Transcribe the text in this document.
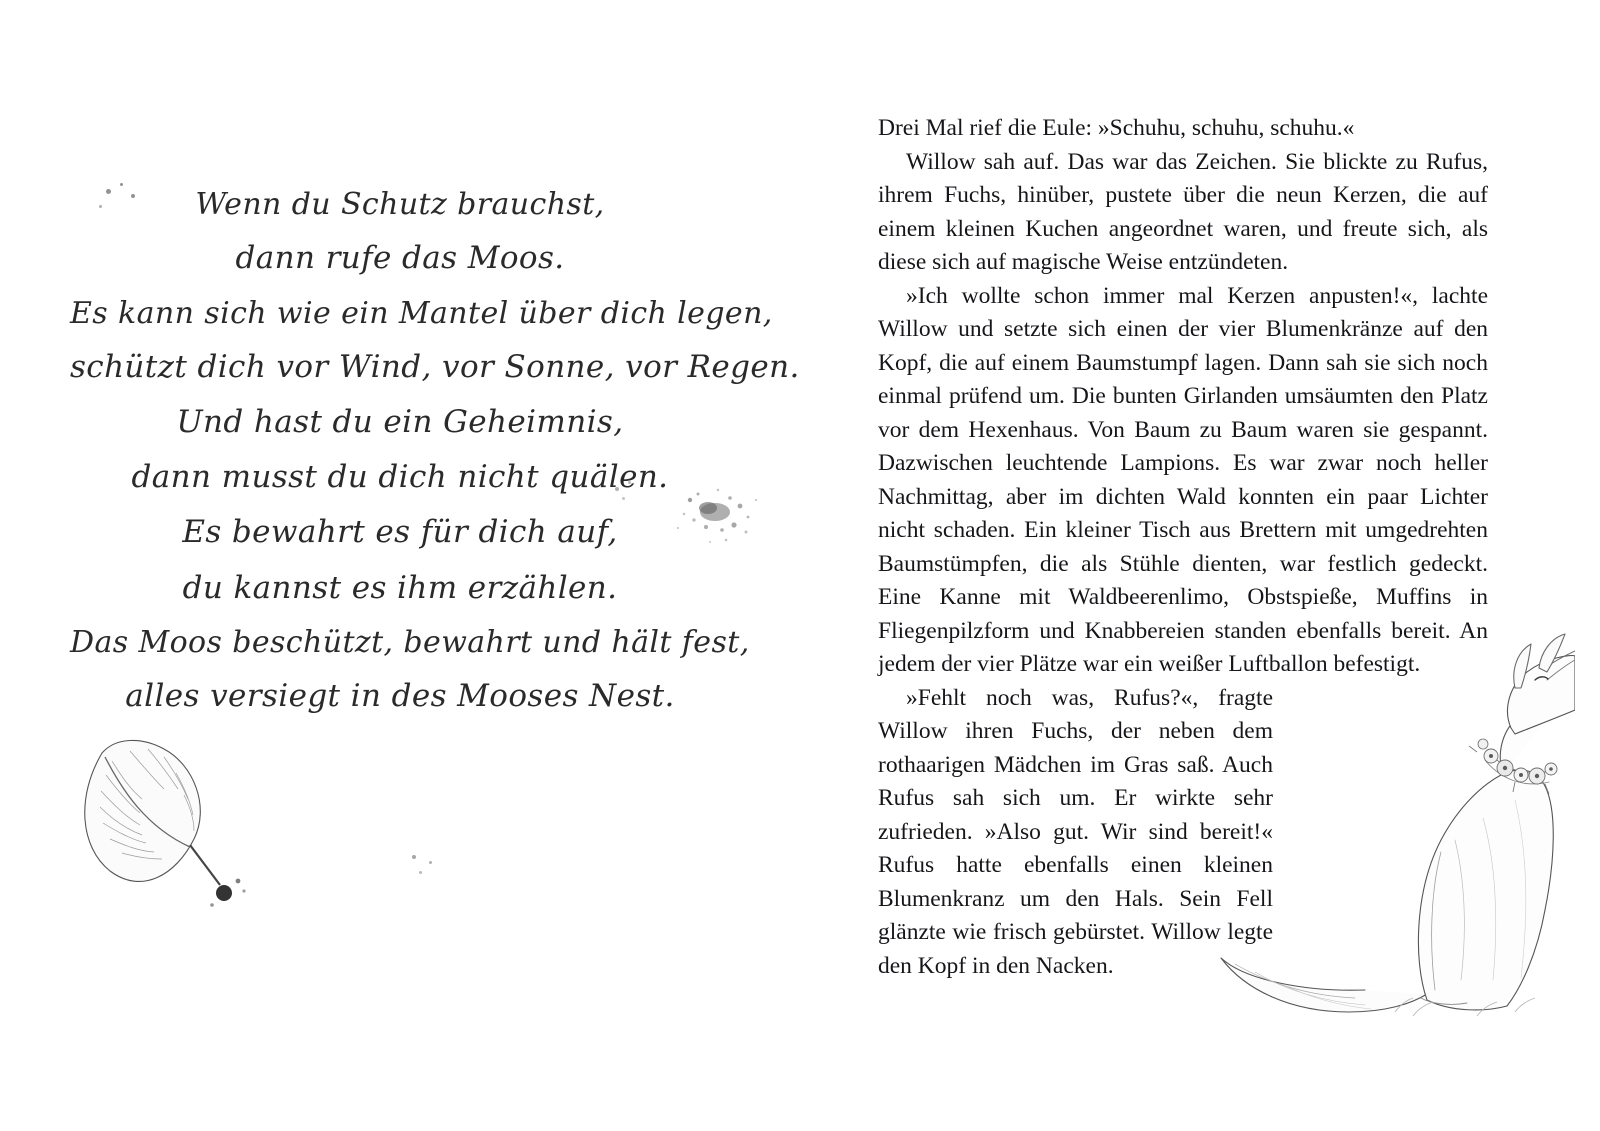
Wenn du Schutz brauchst,
dann rufe das Moos.
Es kann sich wie ein Mantel über dich legen,
schützt dich vor Wind, vor Sonne, vor Regen.
Und hast du ein Geheimnis,
dann musst du dich nicht quälen.
Es bewahrt es für dich auf,
du kannst es ihm erzählen.
Das Moos beschützt, bewahrt und hält fest,
alles versiegt in des Mooses Nest.

Drei Mal rief die Eule: »Schuhu, schuhu, schuhu.«

Willow sah auf. Das war das Zeichen. Sie blickte zu Rufus, ihrem Fuchs, hinüber, pustete über die neun Kerzen, die auf einem kleinen Kuchen angeordnet waren, und freute sich, als diese sich auf magische Weise entzündeten.

»Ich wollte schon immer mal Kerzen anpusten!«, lachte Willow und setzte sich einen der vier Blumenkränze auf den Kopf, die auf einem Baumstumpf lagen. Dann sah sie sich noch einmal prüfend um. Die bunten Girlanden umsäumten den Platz vor dem Hexenhaus. Von Baum zu Baum waren sie gespannt. Dazwischen leuchtende Lampions. Es war zwar noch heller Nachmittag, aber im dichten Wald konnten ein paar Lichter nicht schaden. Ein kleiner Tisch aus Brettern mit umgedrehten Baumstümpfen, die als Stühle dienten, war festlich gedeckt. Eine Kanne mit Waldbeerenlimo, Obstspieße, Muffins in Fliegenpilzform und Knabbereien standen ebenfalls bereit. An jedem der vier Plätze war ein weißer Luftballon befestigt.

»Fehlt noch was, Rufus?«, fragte Willow ihren Fuchs, der neben dem rothaarigen Mädchen im Gras saß. Auch Rufus sah sich um. Er wirkte sehr zufrieden. »Also gut. Wir sind bereit!« Rufus hatte ebenfalls einen kleinen Blumenkranz um den Hals. Sein Fell glänzte wie frisch gebürstet. Willow legte den Kopf in den Nacken.
